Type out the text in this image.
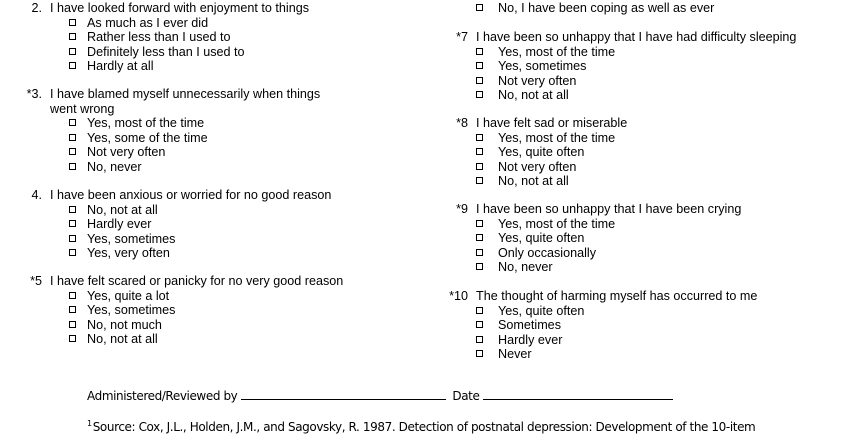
2. I have looked forward with enjoyment to things
As much as I ever did
Rather less than I used to
Definitely less than I used to
Hardly at all
*3. I have blamed myself unnecessarily when things went wrong
Yes, most of the time
Yes, some of the time
Not very often
No, never
4. I have been anxious or worried for no good reason
No, not at all
Hardly ever
Yes, sometimes
Yes, very often
*5 I have felt scared or panicky for no very good reason
Yes, quite a lot
Yes, sometimes
No, not much
No, not at all
No, I have been coping as well as ever
*7 I have been so unhappy that I have had difficulty sleeping
Yes, most of the time
Yes, sometimes
Not very often
No, not at all
*8 I have felt sad or miserable
Yes, most of the time
Yes, quite often
Not very often
No, not at all
*9 I have been so unhappy that I have been crying
Yes, most of the time
Yes, quite often
Only occasionally
No, never
*10 The thought of harming myself has occurred to me
Yes, quite often
Sometimes
Hardly ever
Never
Administered/Reviewed by	Date
$^1$Source: Cox, J.L., Holden, J.M., and Sagovsky, R. 1987. Detection of postnatal depression: Development of the 10-item
